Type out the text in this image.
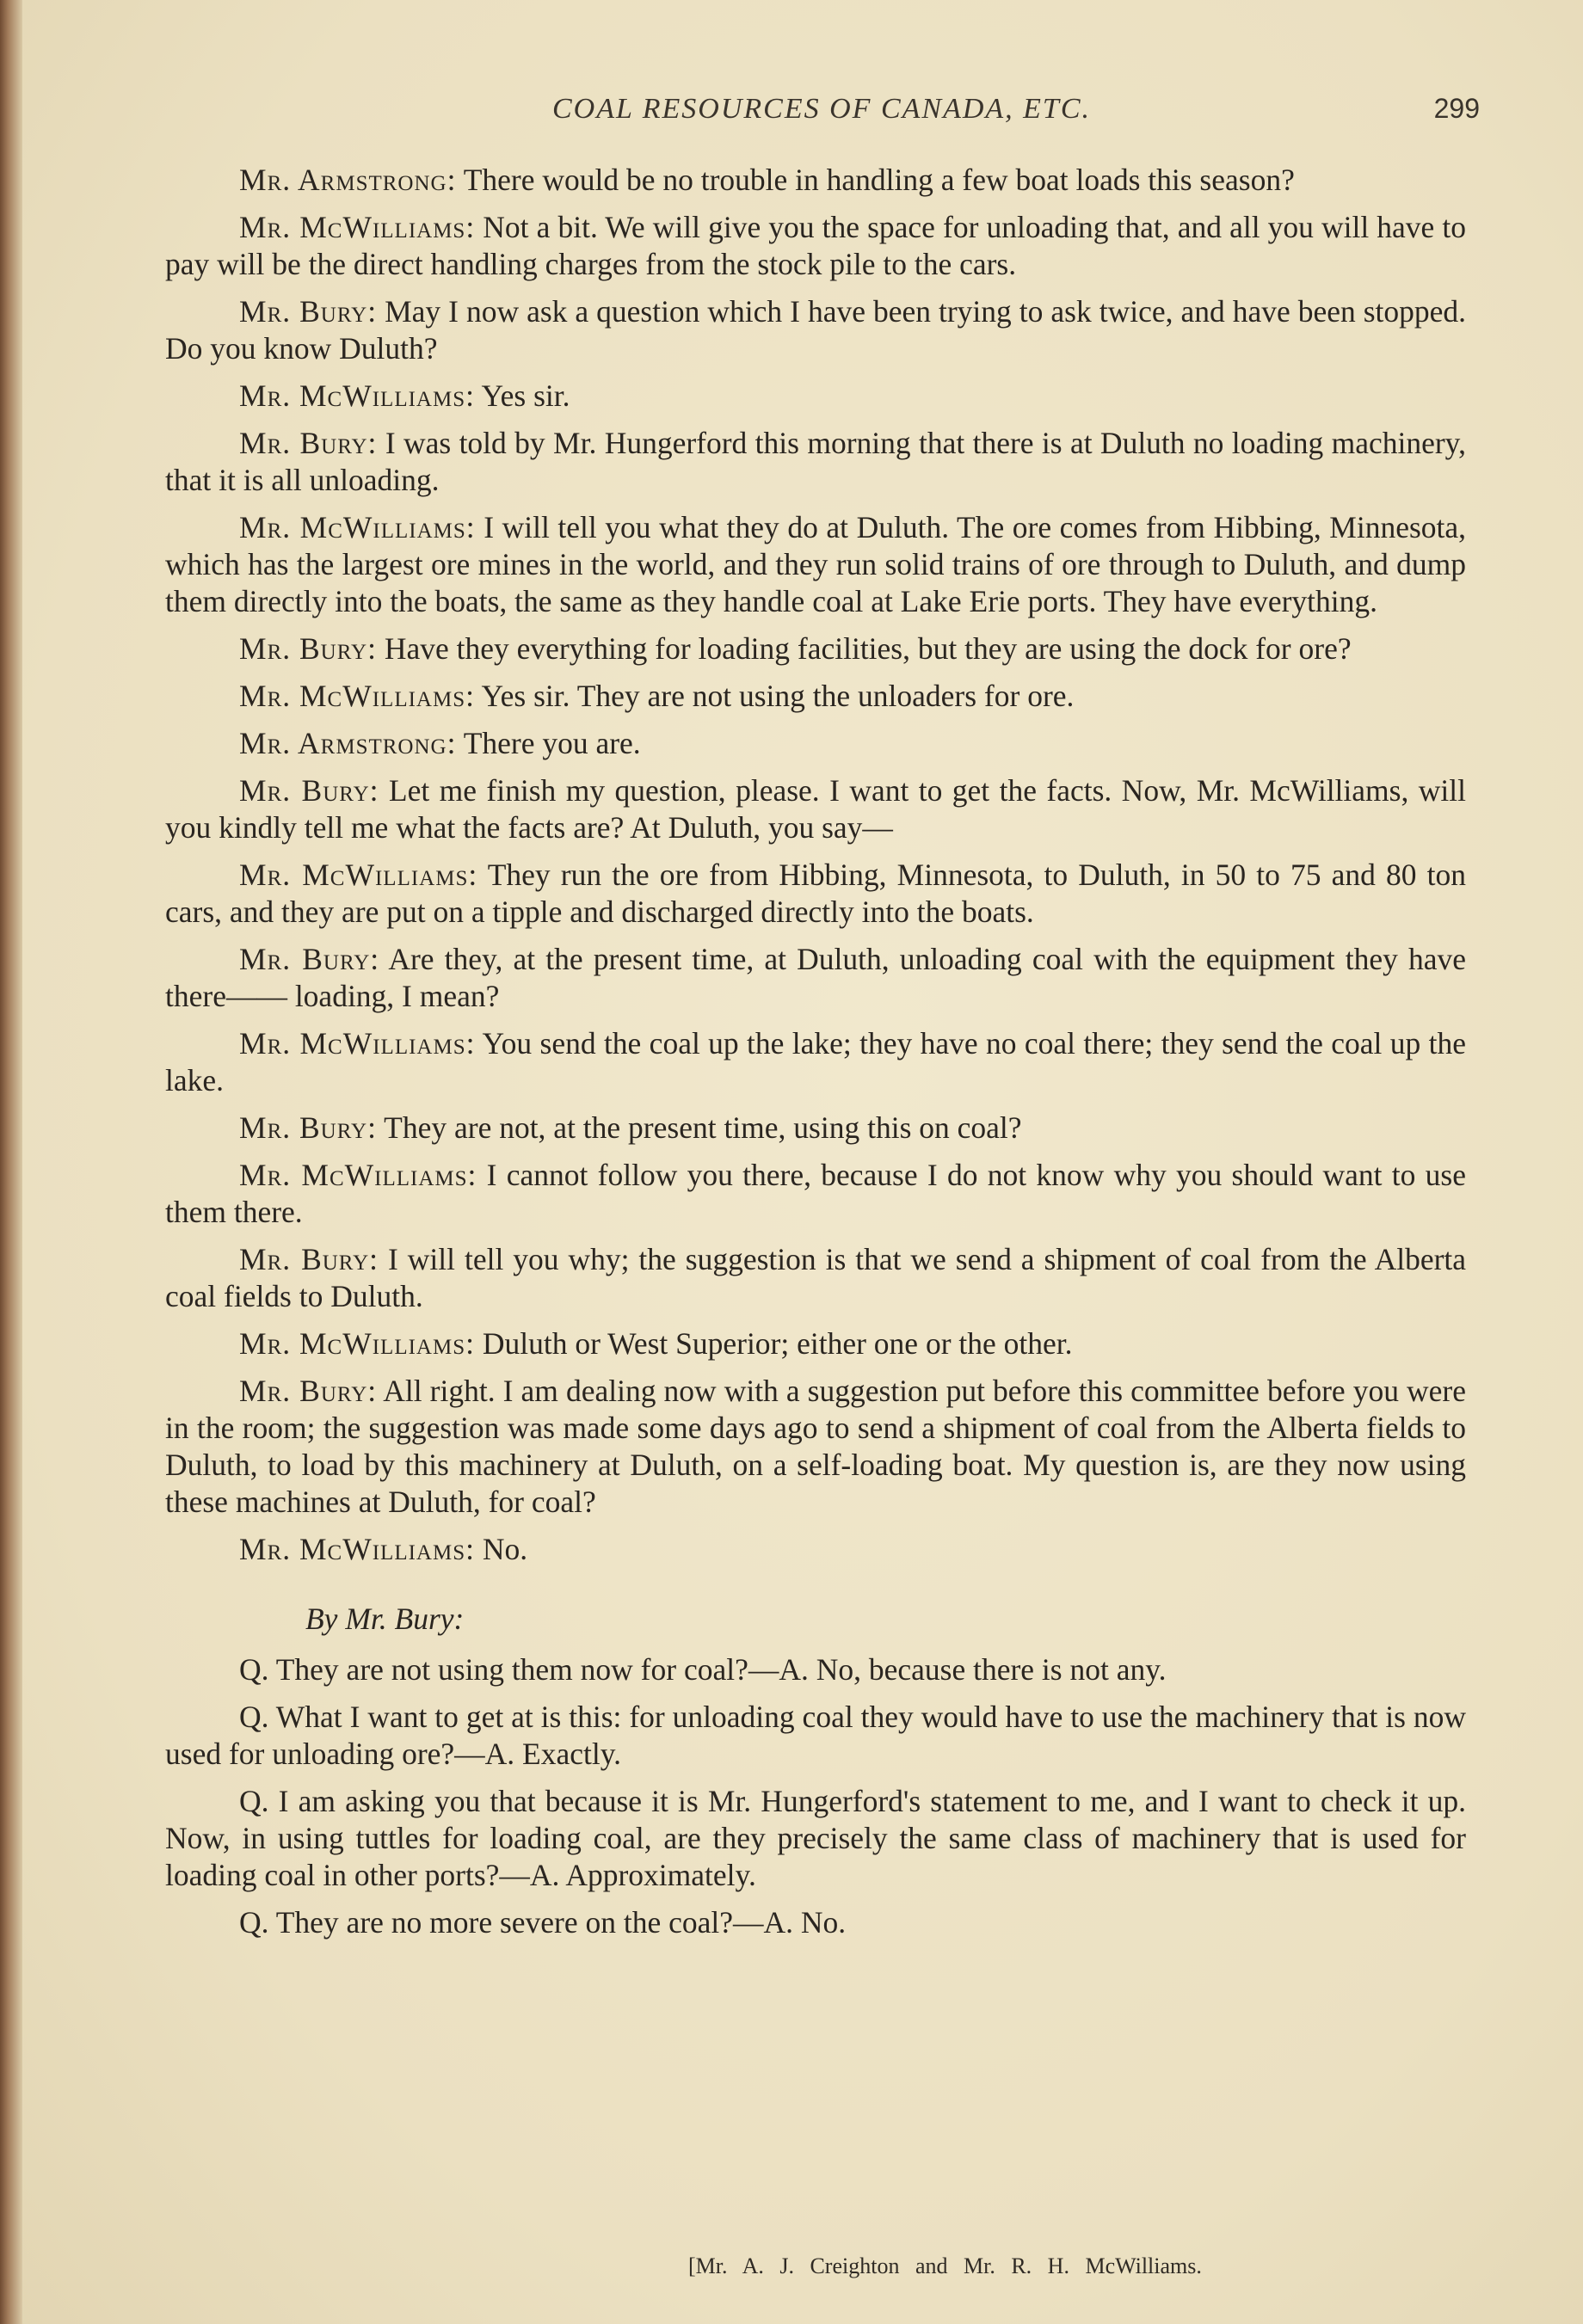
COAL RESOURCES OF CANADA, ETC.	299

Mr. Armstrong: There would be no trouble in handling a few boat loads this season?

Mr. McWilliams: Not a bit. We will give you the space for unloading that, and all you will have to pay will be the direct handling charges from the stock pile to the cars.

Mr. Bury: May I now ask a question which I have been trying to ask twice, and have been stopped. Do you know Duluth?

Mr. McWilliams: Yes sir.

Mr. Bury: I was told by Mr. Hungerford this morning that there is at Duluth no loading machinery, that it is all unloading.

Mr. McWilliams: I will tell you what they do at Duluth. The ore comes from Hibbing, Minnesota, which has the largest ore mines in the world, and they run solid trains of ore through to Duluth, and dump them directly into the boats, the same as they handle coal at Lake Erie ports. They have everything.

Mr. Bury: Have they everything for loading facilities, but they are using the dock for ore?

Mr. McWilliams: Yes sir. They are not using the unloaders for ore.

Mr. Armstrong: There you are.

Mr. Bury: Let me finish my question, please. I want to get the facts. Now, Mr. McWilliams, will you kindly tell me what the facts are? At Duluth, you say—

Mr. McWilliams: They run the ore from Hibbing, Minnesota, to Duluth, in 50 to 75 and 80 ton cars, and they are put on a tipple and discharged directly into the boats.

Mr. Bury: Are they, at the present time, at Duluth, unloading coal with the equipment they have there—— loading, I mean?

Mr. McWilliams: You send the coal up the lake; they have no coal there; they send the coal up the lake.

Mr. Bury: They are not, at the present time, using this on coal?

Mr. McWilliams: I cannot follow you there, because I do not know why you should want to use them there.

Mr. Bury: I will tell you why; the suggestion is that we send a shipment of coal from the Alberta coal fields to Duluth.

Mr. McWilliams: Duluth or West Superior; either one or the other.

Mr. Bury: All right. I am dealing now with a suggestion put before this committee before you were in the room; the suggestion was made some days ago to send a shipment of coal from the Alberta fields to Duluth, to load by this machinery at Duluth, on a self-loading boat. My question is, are they now using these machines at Duluth, for coal?

Mr. McWilliams: No.

By Mr. Bury:

Q. They are not using them now for coal?—A. No, because there is not any.

Q. What I want to get at is this: for unloading coal they would have to use the machinery that is now used for unloading ore?—A. Exactly.

Q. I am asking you that because it is Mr. Hungerford's statement to me, and I want to check it up. Now, in using tuttles for loading coal, are they precisely the same class of machinery that is used for loading coal in other ports?—A. Approximately.

Q. They are no more severe on the coal?—A. No.

[Mr. A. J. Creighton and Mr. R. H. McWilliams.
